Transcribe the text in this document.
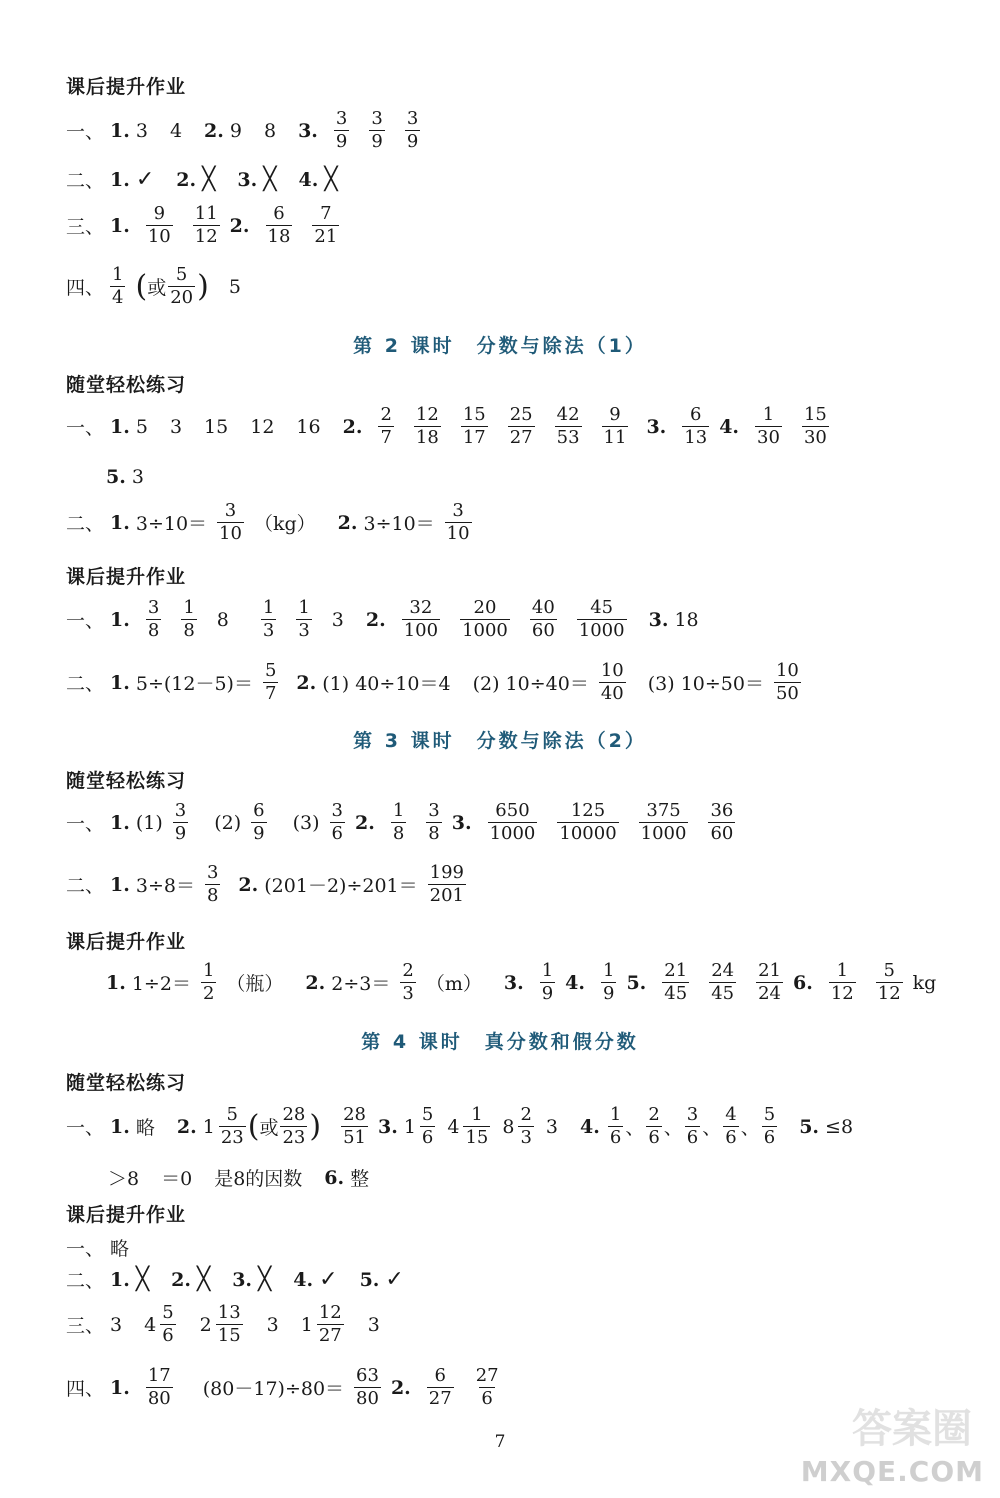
课后提升作业
一、 1. 3 4 2. 9 8 3. $\frac{3}{9} \frac{3}{9} \frac{3}{9}$
二、 1. ✓ 2. ╳ 3. ╳ 4. ╳
三、 1. $\frac{9}{10} \frac{11}{12} 2$. $\frac{6}{18} \frac{7}{21}$
四、 $\frac{1}{4}$ ( 或 $\frac{5}{20}$ ) 5
第 2 课时　分数与除法（1）
随堂轻松练习
一、 1. 5 3 15 12 16 2. $\frac{2}{7} \frac{12}{18} \frac{15}{17} \frac{25}{27} \frac{42}{53} \frac{9}{11} 3$. $\frac{6}{13} 4$. $\frac{1}{30} \frac{15}{30}$
5. 3
二、 1. $3\div 10= \frac{3}{10} (kg)$ 2. $3\div 10= \frac{3}{10}$
课后提升作业
一、 1. $\frac{3}{8} \frac{1}{8} 8 \frac{1}{3} \frac{1}{3} 3$ 2. $\frac{32}{100} \frac{20}{1000} \frac{40}{60} \frac{45}{1000} 3$. 18
二、 1. $5\div(12-5)= \frac{5}{7} 2$. (1) 40÷10＝4 (2) $10\div 40= \frac{10}{40} (3)$ $10\div 50= \frac{10}{50}$
第 3 课时　分数与除法（2）
随堂轻松练习
一、 1. $(1) \frac{3}{9} (2) \frac{6}{9} (3) \frac{3}{6} 2$. $\frac{1}{8} \frac{3}{8} 3$. $\frac{650}{1000} \frac{125}{10000} \frac{375}{1000} \frac{36}{60}$
二、 1. $3\div 8= \frac{3}{8} 2$. $(201-2)\div 201= \frac{199}{201}$
课后提升作业
1. $1\div 2= \frac{1}{2}$ （瓶） 2. $2\div 3= \frac{2}{3} (m)$ 3. $\frac{1}{9} 4$. $\frac{1}{9} 5$. $\frac{21}{45} \frac{24}{45} \frac{21}{24} 6$. $\frac{1}{12} \frac{5}{12}$ kg
第 4 课时　真分数和假分数
随堂轻松练习
一、 1. 略 2. $1 \frac{5}{23}$ ( 或 $\frac{28}{23}$ ) $\frac{28}{51} 3$. $1 \frac{5}{6} 4 \frac{1}{15} 8 \frac{2}{3} 3$ 4. $\frac{1}{6}$ 、 $\frac{2}{6}$ 、 $\frac{3}{6}$ 、 $\frac{4}{6}$ 、 $\frac{5}{6} 5$. ≤8
＞8 ＝0 是8的因数 6. 整
课后提升作业
一、 略
二、 1. ╳ 2. ╳ 3. ╳ 4. ✓ 5. ✓
三、 3 $4 \frac{5}{6} 2 \frac{13}{15} 3$ $1 \frac{12}{27} 3$
四、 1. $\frac{17}{80} (80-17)\div 80= \frac{63}{80} 2$. $\frac{6}{27} \frac{27}{6}$
7	答案圈
MXQE.COM
